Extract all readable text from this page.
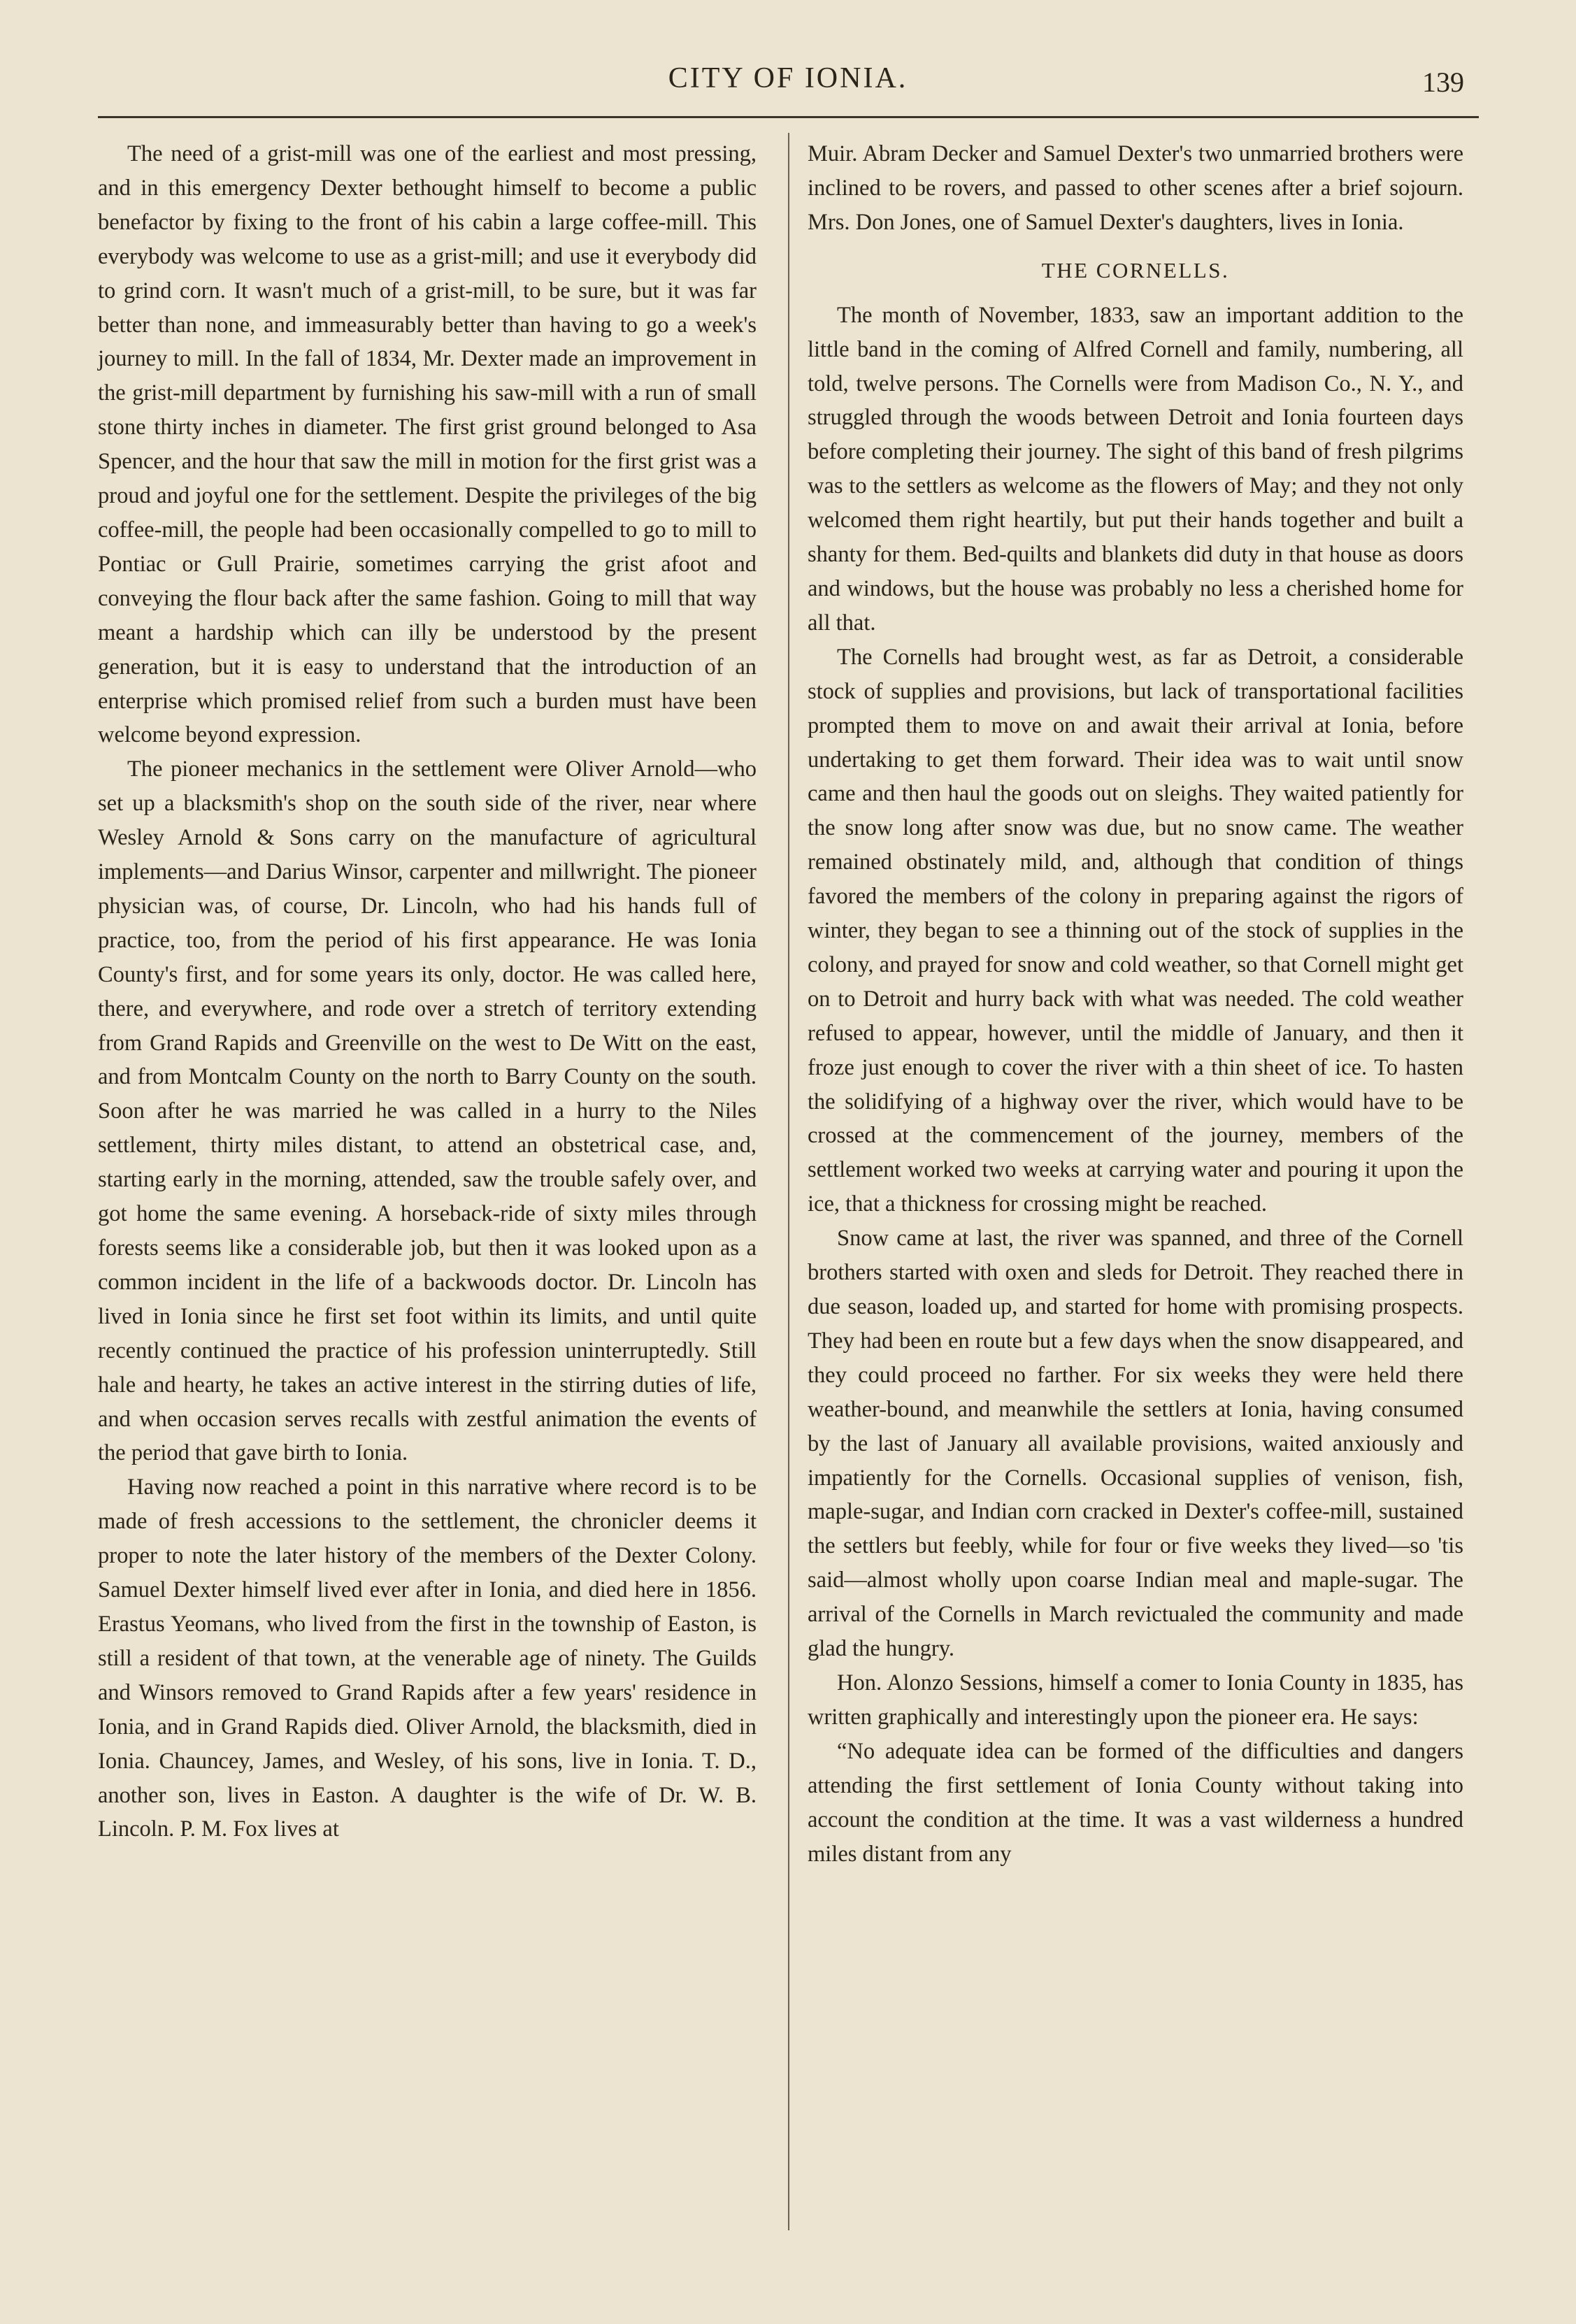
CITY OF IONIA.	139

The need of a grist-mill was one of the earliest and most pressing, and in this emergency Dexter bethought himself to become a public benefactor by fixing to the front of his cabin a large coffee-mill. This everybody was welcome to use as a grist-mill; and use it everybody did to grind corn. It wasn't much of a grist-mill, to be sure, but it was far better than none, and immeasurably better than having to go a week's journey to mill. In the fall of 1834, Mr. Dexter made an improvement in the grist-mill department by furnishing his saw-mill with a run of small stone thirty inches in diameter. The first grist ground belonged to Asa Spencer, and the hour that saw the mill in motion for the first grist was a proud and joyful one for the settlement. Despite the privileges of the big coffee-mill, the people had been occasionally compelled to go to mill to Pontiac or Gull Prairie, sometimes carrying the grist afoot and conveying the flour back after the same fashion. Going to mill that way meant a hardship which can illy be understood by the present generation, but it is easy to understand that the introduction of an enterprise which promised relief from such a burden must have been welcome beyond expression.

The pioneer mechanics in the settlement were Oliver Arnold—who set up a blacksmith's shop on the south side of the river, near where Wesley Arnold & Sons carry on the manufacture of agricultural implements—and Darius Winsor, carpenter and millwright. The pioneer physician was, of course, Dr. Lincoln, who had his hands full of practice, too, from the period of his first appearance. He was Ionia County's first, and for some years its only, doctor. He was called here, there, and everywhere, and rode over a stretch of territory extending from Grand Rapids and Greenville on the west to De Witt on the east, and from Montcalm County on the north to Barry County on the south. Soon after he was married he was called in a hurry to the Niles settlement, thirty miles distant, to attend an obstetrical case, and, starting early in the morning, attended, saw the trouble safely over, and got home the same evening. A horseback-ride of sixty miles through forests seems like a considerable job, but then it was looked upon as a common incident in the life of a backwoods doctor. Dr. Lincoln has lived in Ionia since he first set foot within its limits, and until quite recently continued the practice of his profession uninterruptedly. Still hale and hearty, he takes an active interest in the stirring duties of life, and when occasion serves recalls with zestful animation the events of the period that gave birth to Ionia.

Having now reached a point in this narrative where record is to be made of fresh accessions to the settlement, the chronicler deems it proper to note the later history of the members of the Dexter Colony. Samuel Dexter himself lived ever after in Ionia, and died here in 1856. Erastus Yeomans, who lived from the first in the township of Easton, is still a resident of that town, at the venerable age of ninety. The Guilds and Winsors removed to Grand Rapids after a few years' residence in Ionia, and in Grand Rapids died. Oliver Arnold, the blacksmith, died in Ionia. Chauncey, James, and Wesley, of his sons, live in Ionia. T. D., another son, lives in Easton. A daughter is the wife of Dr. W. B. Lincoln. P. M. Fox lives at

Muir. Abram Decker and Samuel Dexter's two unmarried brothers were inclined to be rovers, and passed to other scenes after a brief sojourn. Mrs. Don Jones, one of Samuel Dexter's daughters, lives in Ionia.

THE CORNELLS.

The month of November, 1833, saw an important addition to the little band in the coming of Alfred Cornell and family, numbering, all told, twelve persons. The Cornells were from Madison Co., N. Y., and struggled through the woods between Detroit and Ionia fourteen days before completing their journey. The sight of this band of fresh pilgrims was to the settlers as welcome as the flowers of May; and they not only welcomed them right heartily, but put their hands together and built a shanty for them. Bed-quilts and blankets did duty in that house as doors and windows, but the house was probably no less a cherished home for all that.

The Cornells had brought west, as far as Detroit, a considerable stock of supplies and provisions, but lack of transportational facilities prompted them to move on and await their arrival at Ionia, before undertaking to get them forward. Their idea was to wait until snow came and then haul the goods out on sleighs. They waited patiently for the snow long after snow was due, but no snow came. The weather remained obstinately mild, and, although that condition of things favored the members of the colony in preparing against the rigors of winter, they began to see a thinning out of the stock of supplies in the colony, and prayed for snow and cold weather, so that Cornell might get on to Detroit and hurry back with what was needed. The cold weather refused to appear, however, until the middle of January, and then it froze just enough to cover the river with a thin sheet of ice. To hasten the solidifying of a highway over the river, which would have to be crossed at the commencement of the journey, members of the settlement worked two weeks at carrying water and pouring it upon the ice, that a thickness for crossing might be reached.

Snow came at last, the river was spanned, and three of the Cornell brothers started with oxen and sleds for Detroit. They reached there in due season, loaded up, and started for home with promising prospects. They had been en route but a few days when the snow disappeared, and they could proceed no farther. For six weeks they were held there weather-bound, and meanwhile the settlers at Ionia, having consumed by the last of January all available provisions, waited anxiously and impatiently for the Cornells. Occasional supplies of venison, fish, maple-sugar, and Indian corn cracked in Dexter's coffee-mill, sustained the settlers but feebly, while for four or five weeks they lived—so 'tis said—almost wholly upon coarse Indian meal and maple-sugar. The arrival of the Cornells in March revictualed the community and made glad the hungry.

Hon. Alonzo Sessions, himself a comer to Ionia County in 1835, has written graphically and interestingly upon the pioneer era. He says:

“No adequate idea can be formed of the difficulties and dangers attending the first settlement of Ionia County without taking into account the condition at the time. It was a vast wilderness a hundred miles distant from any
